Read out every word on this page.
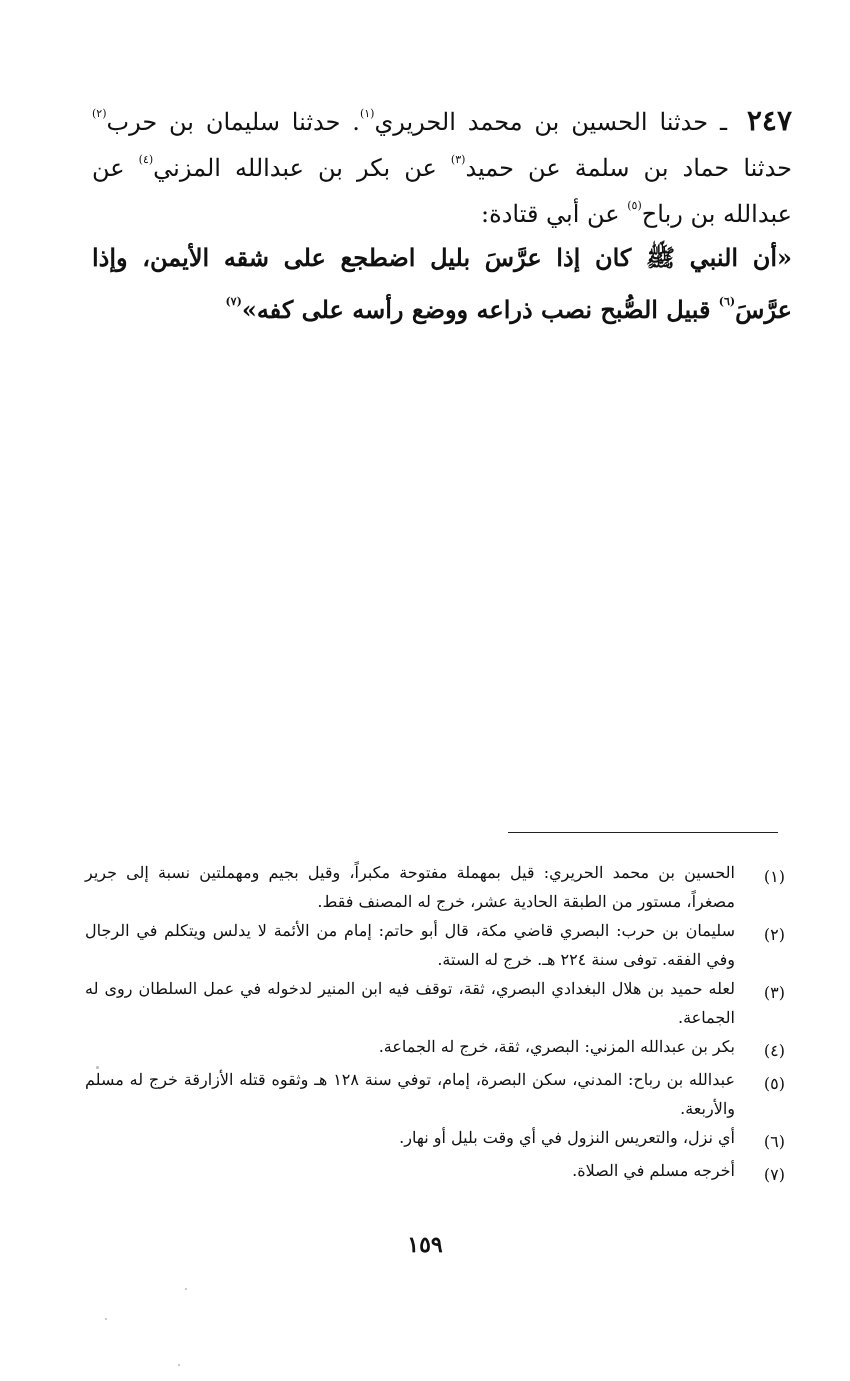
٢٤٧ ـ حدثنا الحسين بن محمد الحريري$^{(١)}$. حدثنا سليمان بن حرب$^{(٢)}$ حدثنا حماد بن سلمة عن حميد$^{(٣)}$ عن بكر بن عبدالله المزني$^{(٤)}$ عن عبدالله بن رباح$^{(٥)}$ عن أبي قتادة:
«أن النبي ﷺ كان إذا عرَّسَ بليل اضطجع على شقه الأيمن، وإذا عرَّسَ$^{(٦)}$ قبيل الصُّبح نصب ذراعه ووضع رأسه على كفه»$^{(٧)}$
(١)
الحسين بن محمد الحريري: قيل بمهملة مفتوحة مكبراً، وقيل بجيم ومهملتين نسبة إلى جرير مصغراً، مستور من الطبقة الحادية عشر، خرج له المصنف فقط.
(٢)
سليمان بن حرب: البصري قاضي مكة، قال أبو حاتم: إمام من الأئمة لا يدلس ويتكلم في الرجال وفي الفقه. توفى سنة ٢٢٤ هـ. خرج له الستة.
(٣)
لعله حميد بن هلال البغدادي البصري، ثقة، توقف فيه ابن المنير لدخوله في عمل السلطان روى له الجماعة.
(٤)
بكر بن عبدالله المزني: البصري، ثقة، خرج له الجماعة.
(٥)
عبدالله بن رباح: المدني، سكن البصرة، إمام، توفي سنة ١٢٨ هـ وثقوه قتله الأزارقة خرج له مسلم والأربعة.
(٦)
أي نزل، والتعريس النزول في أي وقت بليل أو نهار.
(٧)
أخرجه مسلم في الصلاة.
١٥٩
